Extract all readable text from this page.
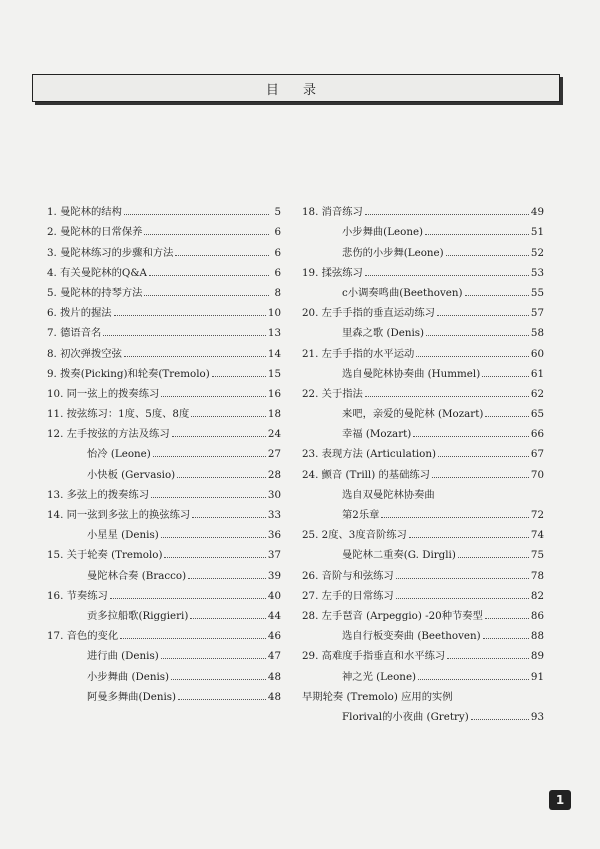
目 录
1. 曼陀林的结构	5
2. 曼陀林的日常保养	6
3. 曼陀林练习的步骤和方法	6
4. 有关曼陀林的Q&A	6
5. 曼陀林的持琴方法	8
6. 拨片的握法	10
7. 德语音名	13
8. 初次弹拨空弦	14
9. 拨奏(Picking)和轮奏(Tremolo)	15
10. 同一弦上的拨奏练习	16
11. 按弦练习：1度、5度、8度	18
12. 左手按弦的方法及练习	24
怡冷 (Leone)	27
小快板 (Gervasio)	28
13. 多弦上的拨奏练习	30
14. 同一弦到多弦上的换弦练习	33
小星星 (Denis)	36
15. 关于轮奏 (Tremolo)	37
曼陀林合奏 (Bracco)	39
16. 节奏练习	40
贡多拉船歌(Riggieri)	44
17. 音色的变化	46
进行曲 (Denis)	47
小步舞曲 (Denis)	48
阿曼多舞曲(Denis)	48
18. 消音练习	49
小步舞曲(Leone)	51
悲伤的小步舞(Leone)	52
19. 揉弦练习	53
c小调奏鸣曲(Beethoven)	55
20. 左手手指的垂直运动练习	57
里森之歌 (Denis)	58
21. 左手手指的水平运动	60
选自曼陀林协奏曲 (Hummel)	61
22. 关于指法	62
来吧，亲爱的曼陀林 (Mozart)	65
幸福 (Mozart)	66
23. 表现方法 (Articulation)	67
24. 颤音 (Trill) 的基础练习	70
选自双曼陀林协奏曲
第2乐章	72
25. 2度、3度音阶练习	74
曼陀林二重奏(G. Dirgli)	75
26. 音阶与和弦练习	78
27. 左手的日常练习	82
28. 左手琶音 (Arpeggio) -20种节奏型	86
选自行板变奏曲 (Beethoven)	88
29. 高难度手指垂直和水平练习	89
神之光 (Leone)	91
早期轮奏 (Tremolo) 应用的实例
Florival的小夜曲 (Gretry)	93
1
